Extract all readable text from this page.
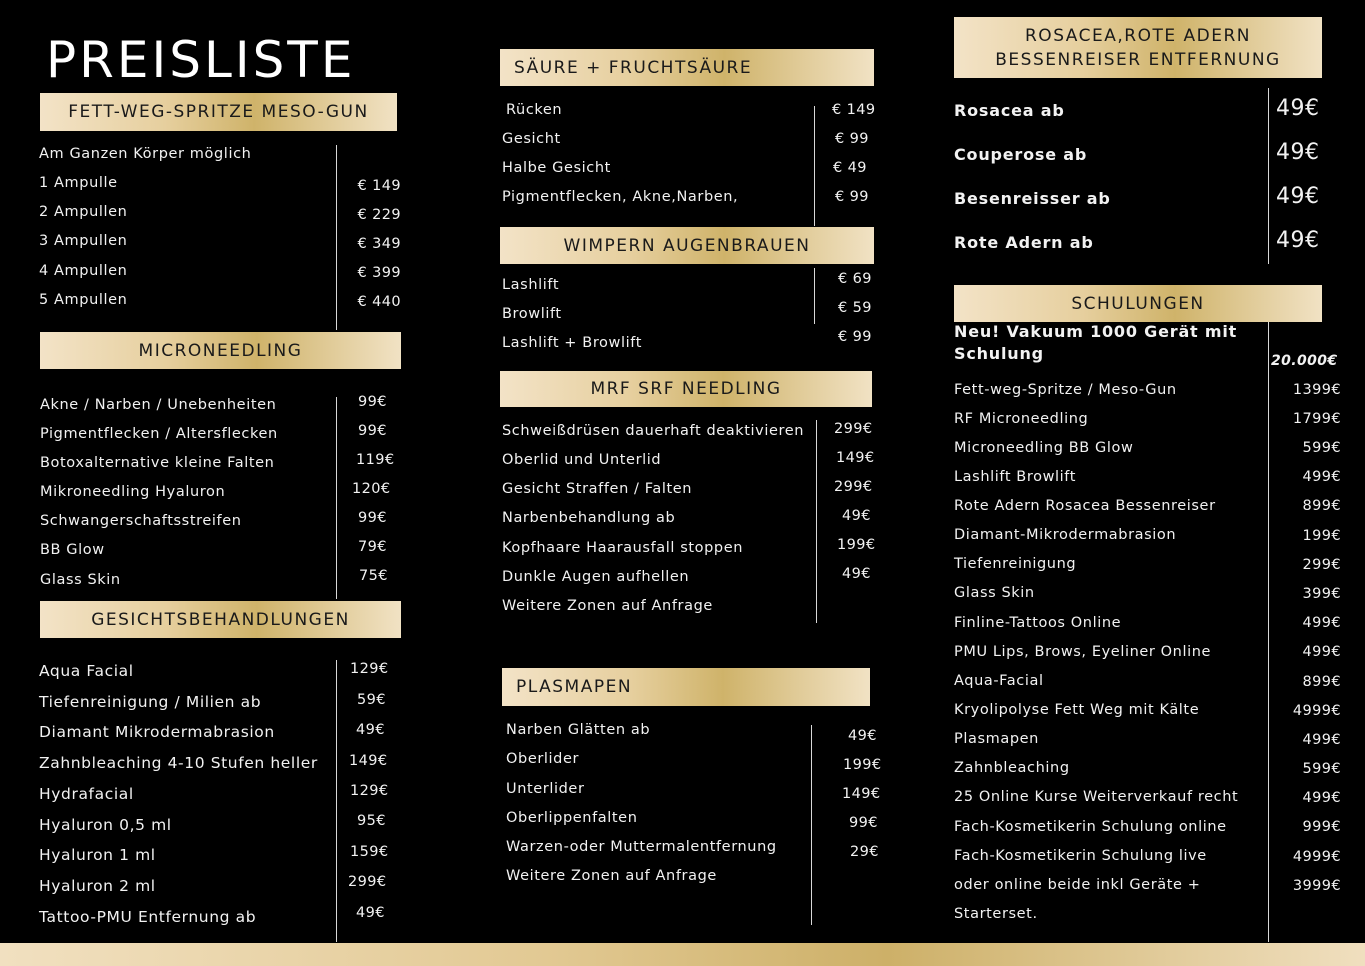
PREISLISTE
FETT-WEG-SPRITZE MESO-GUN
Am Ganzen Körper möglich
1 Ampulle	€ 149
2 Ampullen	€ 229
3 Ampullen	€ 349
4 Ampullen	€ 399
5 Ampullen	€ 440
MICRONEEDLING
Akne / Narben / Unebenheiten	99€
Pigmentflecken / Altersflecken	99€
Botoxalternative kleine Falten	119€
Mikroneedling Hyaluron	120€
Schwangerschaftsstreifen	99€
BB Glow	79€
Glass Skin	75€
GESICHTSBEHANDLUNGEN
Aqua Facial	129€
Tiefenreinigung / Milien ab	59€
Diamant Mikrodermabrasion	49€
Zahnbleaching 4-10 Stufen heller 149€
Hydrafacial	129€
Hyaluron 0,5 ml	95€
Hyaluron 1 ml	159€
Hyaluron 2 ml	299€
Tattoo-PMU Entfernung ab	49€
SÄURE + FRUCHTSÄURE
Rücken	€ 149
Gesicht	€ 99
Halbe Gesicht	€ 49
Pigmentflecken, Akne,Narben,	€ 99
WIMPERN AUGENBRAUEN
Lashlift	€ 69
Browlift	€ 59
Lashlift + Browlift	€ 99
MRF SRF NEEDLING
Schweißdrüsen dauerhaft deaktivieren 299€
Oberlid und Unterlid	149€
Gesicht Straffen / Falten	299€
Narbenbehandlung ab	49€
Kopfhaare Haarausfall stoppen	199€
Dunkle Augen aufhellen	49€
Weitere Zonen auf Anfrage
PLASMAPEN
Narben Glätten ab	49€
Oberlider	199€
Unterlider	149€
Oberlippenfalten	99€
Warzen-oder Muttermalentfernung	29€
Weitere Zonen auf Anfrage
ROSACEA,ROTE ADERN
BESSENREISER ENTFERNUNG
Rosacea ab	49€
Couperose ab	49€
Besenreisser ab	49€
Rote Adern ab	49€
SCHULUNGEN
Neu! Vakuum 1000 Gerät mit
Schulung	20.000€
Fett-weg-Spritze / Meso-Gun	1399€
RF Microneedling	1799€
Microneedling BB Glow	599€
Lashlift Browlift	499€
Rote Adern Rosacea Bessenreiser	899€
Diamant-Mikrodermabrasion	199€
Tiefenreinigung	299€
Glass Skin	399€
Finline-Tattoos Online	499€
PMU Lips, Brows, Eyeliner Online	499€
Aqua-Facial	899€
Kryolipolyse Fett Weg mit Kälte	4999€
Plasmapen	499€
Zahnbleaching	599€
25 Online Kurse Weiterverkauf recht	499€
Fach-Kosmetikerin Schulung online	999€
Fach-Kosmetikerin Schulung live	4999€
oder online beide inkl Geräte +	3999€
Starterset.
